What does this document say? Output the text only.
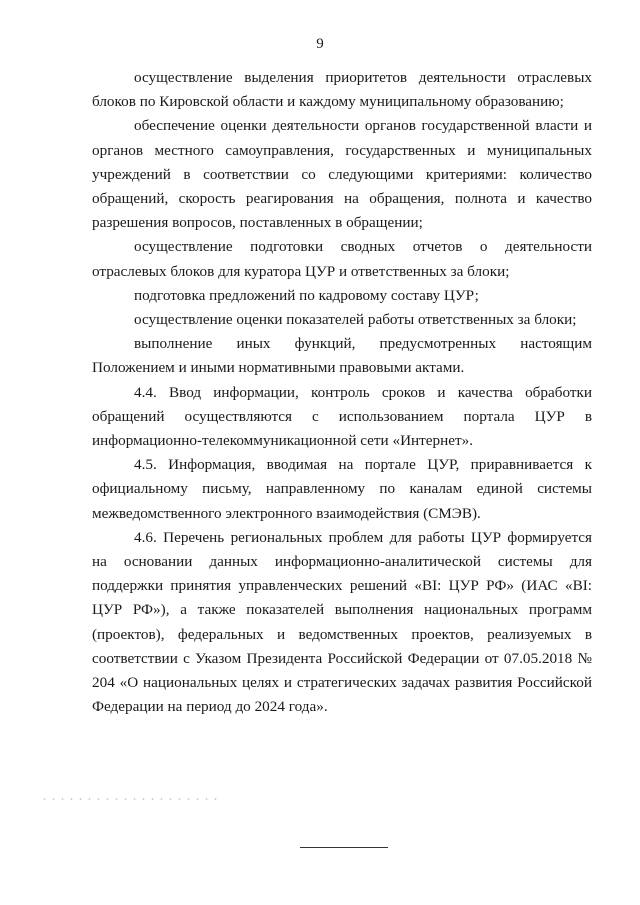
9

осуществление выделения приоритетов деятельности отраслевых блоков по Кировской области и каждому муниципальному образованию;

обеспечение оценки деятельности органов государственной власти и органов местного самоуправления, государственных и муниципальных учреждений в соответствии со следующими критериями: количество обращений, скорость реагирования на обращения, полнота и качество разрешения вопросов, поставленных в обращении;

осуществление подготовки сводных отчетов о деятельности отраслевых блоков для куратора ЦУР и ответственных за блоки;

подготовка предложений по кадровому составу ЦУР;

осуществление оценки показателей работы ответственных за блоки;

выполнение иных функций, предусмотренных настоящим Положением и иными нормативными правовыми актами.

4.4. Ввод информации, контроль сроков и качества обработки обращений осуществляются с использованием портала ЦУР в информационно-телекоммуникационной сети «Интернет».

4.5. Информация, вводимая на портале ЦУР, приравнивается к официальному письму, направленному по каналам единой системы межведомственного электронного взаимодействия (СМЭВ).

4.6. Перечень региональных проблем для работы ЦУР формируется на основании данных информационно-аналитической системы для поддержки принятия управленческих решений «BI: ЦУР РФ» (ИАС «BI: ЦУР РФ»), а также показателей выполнения национальных программ (проектов), федеральных и ведомственных проектов, реализуемых в соответствии с Указом Президента Российской Федерации от 07.05.2018 № 204 «О национальных целях и стратегических задачах развития Российской Федерации на период до 2024 года».
